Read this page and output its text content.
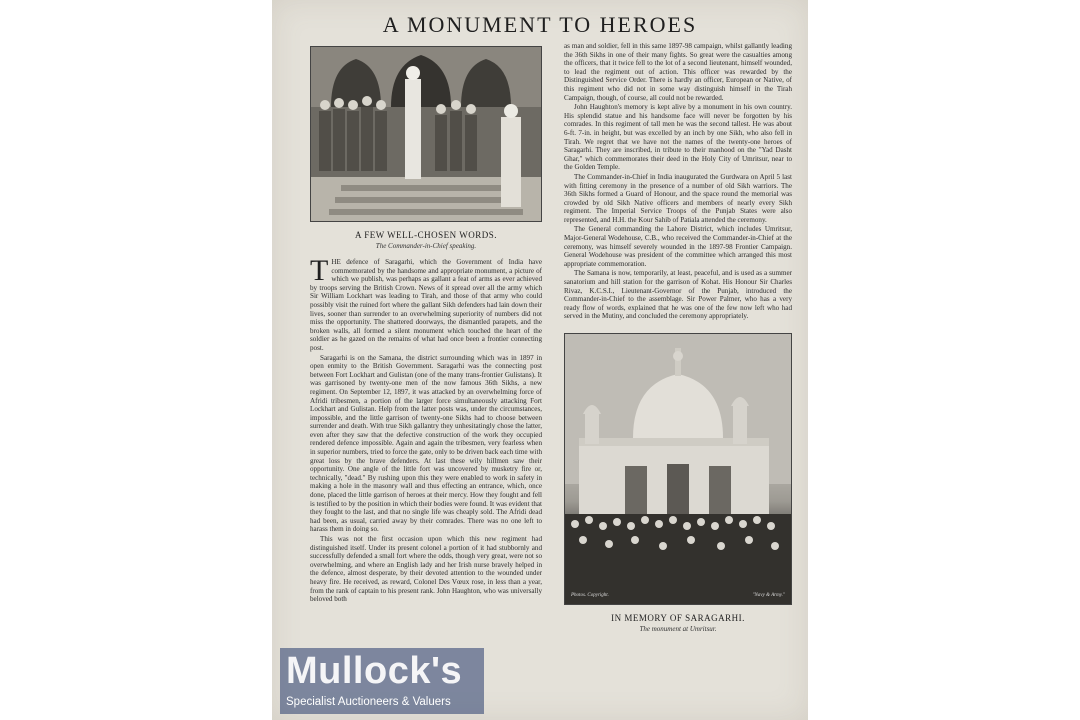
A MONUMENT TO HEROES
A FEW WELL-CHOSEN WORDS.
The Commander-in-Chief speaking.

THE defence of Saragarhi, which the Government of India have commemorated by the handsome and appropriate monument, a picture of which we publish, was perhaps as gallant a feat of arms as ever achieved by troops serving the British Crown. News of it spread over all the army which Sir William Lockhart was leading to Tirah, and those of that army who could possibly visit the ruined fort where the gallant Sikh defenders had lain down their lives, sooner than surrender to an overwhelming superiority of numbers did not miss the opportunity. The shattered doorways, the dismantled parapets, and the broken walls, all formed a silent monument which touched the heart of the soldier as he gazed on the remains of what had once been a frontier connecting post.

Saragarhi is on the Samana, the district surrounding which was in 1897 in open enmity to the British Government. Saragarhi was the connecting post between Fort Lockhart and Gulistan (one of the many trans-frontier Gulistans). It was garrisoned by twenty-one men of the now famous 36th Sikhs, a new regiment. On September 12, 1897, it was attacked by an overwhelming force of Afridi tribesmen, a portion of the larger force simultaneously attacking Fort Lockhart and Gulistan. Help from the latter posts was, under the circumstances, impossible, and the little garrison of twenty-one Sikhs had to choose between surrender and death. With true Sikh gallantry they unhesitatingly chose the latter, even after they saw that the defective construction of the work they occupied rendered defence impossible. Again and again the tribesmen, very fearless when in superior numbers, tried to force the gate, only to be driven back each time with great loss by the brave defenders. At last these wily hillmen saw their opportunity. One angle of the little fort was uncovered by musketry fire or, technically, "dead." By rushing upon this they were enabled to work in safety in making a hole in the masonry wall and thus effecting an entrance, which, once done, placed the little garrison of heroes at their mercy. How they fought and fell is testified to by the position in which their bodies were found. It was evident that they fought to the last, and that no single life was cheaply sold. The Afridi dead had been, as usual, carried away by their comrades. There was no one left to harass them in doing so.

This was not the first occasion upon which this new regiment had distinguished itself. Under its present colonel a portion of it had stubbornly and successfully defended a small fort where the odds, though very great, were not so overwhelming, and where an English lady and her Irish nurse bravely helped in the defence, almost desperate, by their devoted attention to the wounded under heavy fire. He received, as reward, Colonel Des Vœux rose, in less than a year, from the rank of captain to his present rank. John Haughton, who was universally beloved both

as man and soldier, fell in this same 1897-98 campaign, whilst gallantly leading the 36th Sikhs in one of their many fights. So great were the casualties among the officers, that it twice fell to the lot of a second lieutenant, himself wounded, to lead the regiment out of action. This officer was rewarded by the Distinguished Service Order. There is hardly an officer, European or Native, of this regiment who did not in some way distinguish himself in the Tirah Campaign, though, of course, all could not be rewarded.

John Haughton's memory is kept alive by a monument in his own country. His splendid statue and his handsome face will never be forgotten by his comrades. In this regiment of tall men he was the second tallest. He was about 6-ft. 7-in. in height, but was excelled by an inch by one Sikh, who also fell in Tirah. We regret that we have not the names of the twenty-one heroes of Saragarhi. They are inscribed, in tribute to their manhood on the "Yad Dasht Ghar," which commemorates their deed in the Holy City of Umritsur, near to the Golden Temple.

The Commander-in-Chief in India inaugurated the Gurdwara on April 5 last with fitting ceremony in the presence of a number of old Sikh warriors. The 36th Sikhs formed a Guard of Honour, and the space round the memorial was crowded by old Sikh Native officers and members of nearly every Sikh regiment. The Imperial Service Troops of the Punjab States were also represented, and H.H. the Kour Sahib of Patiala attended the ceremony.

The General commanding the Lahore District, which includes Umritsur, Major-General Wodehouse, C.B., who received the Commander-in-Chief at the ceremony, was himself severely wounded in the 1897-98 Frontier Campaign. General Wodehouse was president of the committee which arranged this most appropriate commemoration.

The Samana is now, temporarily, at least, peaceful, and is used as a summer sanatorium and hill station for the garrison of Kohat. His Honour Sir Charles Rivaz, K.C.S.I., Lieutenant-Governor of the Punjab, introduced the Commander-in-Chief to the assemblage. Sir Power Palmer, who has a very ready flow of words, explained that he was one of the few now left who had served in the Mutiny, and concluded the ceremony appropriately.

Photos. Copyright.	"Navy & Army."
IN MEMORY OF SARAGARHI.
The monument at Umritsur.
Mullock's
Specialist Auctioneers & Valuers
